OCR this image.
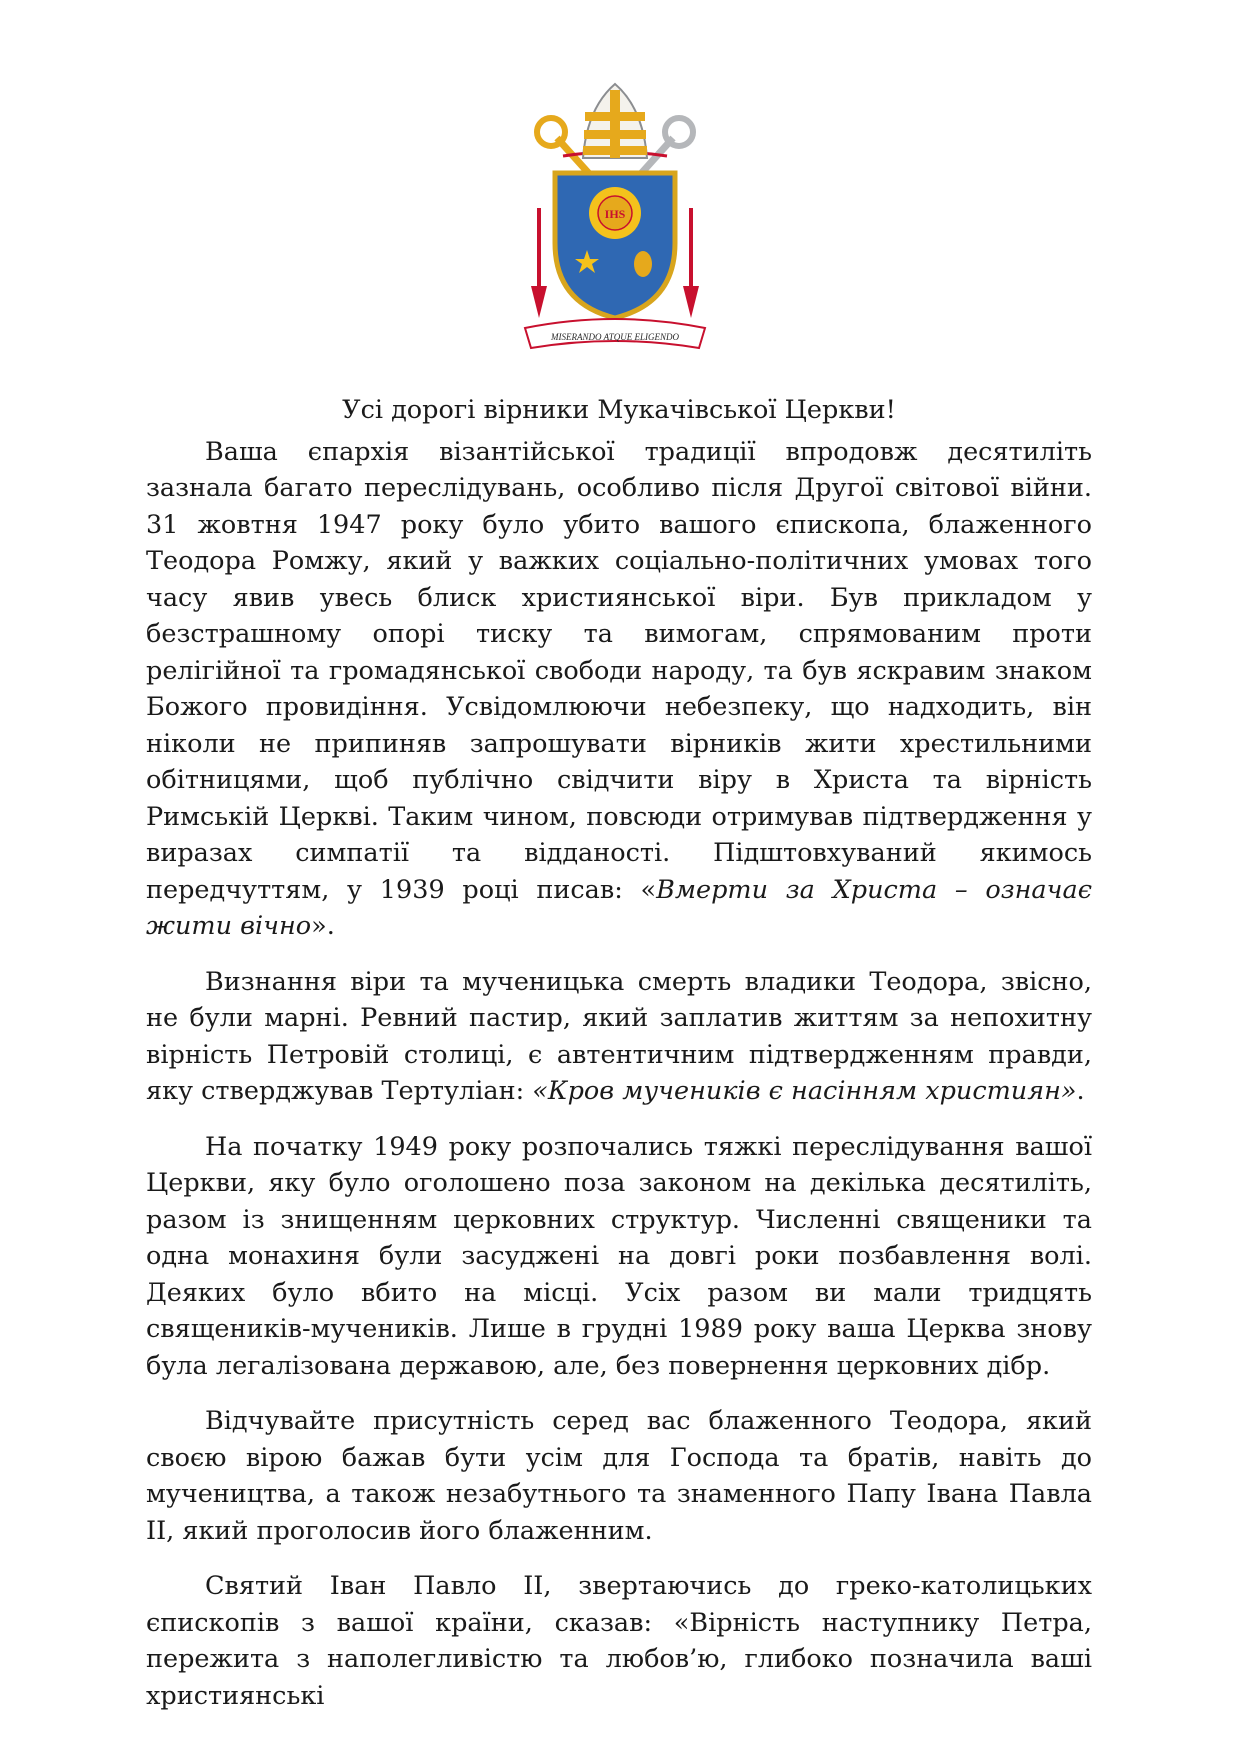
IHS
MISERANDO ATQUE ELIGENDO

Усі дорогі вірники Мукачівської Церкви!

Ваша єпархія візантійської традиції впродовж десятиліть зазнала багато переслідувань, особливо після Другої світової війни. 31 жовтня 1947 року було убито вашого єпископа, блаженного Теодора Ромжу, який у важких соціально-політичних умовах того часу явив увесь блиск християнської віри. Був прикладом у безстрашному опорі тиску та вимогам, спрямованим проти релігійної та громадянської свободи народу, та був яскравим знаком Божого провидіння. Усвідомлюючи небезпеку, що надходить, він ніколи не припиняв запрошувати вірників жити хрестильними обітницями, щоб публічно свідчити віру в Христа та вірність Римській Церкві. Таким чином, повсюди отримував підтвердження у виразах симпатії та відданості. Підштовхуваний якимось передчуттям, у 1939 році писав: «Вмерти за Христа – означає жити вічно».

Визнання віри та мученицька смерть владики Теодора, звісно, не були марні. Ревний пастир, який заплатив життям за непохитну вірність Петровій столиці, є автентичним підтвердженням правди, яку стверджував Тертуліан: «Кров мучеників є насінням християн».

На початку 1949 року розпочались тяжкі переслідування вашої Церкви, яку було оголошено поза законом на декілька десятиліть, разом із знищенням церковних структур. Численні священики та одна монахиня були засуджені на довгі роки позбавлення волі. Деяких було вбито на місці. Усіх разом ви мали тридцять священиків-мучеників. Лише в грудні 1989 року ваша Церква знову була легалізована державою, але, без повернення церковних дібр.

Відчувайте присутність серед вас блаженного Теодора, який своєю вірою бажав бути усім для Господа та братів, навіть до мучеництва, а також незабутнього та знаменного Папу Івана Павла II, який проголосив його блаженним.

Святий Іван Павло II, звертаючись до греко-католицьких єпископів з вашої країни, сказав: «Вірність наступнику Петра, пережита з наполегливістю та любов’ю, глибоко позначила ваші християнські
